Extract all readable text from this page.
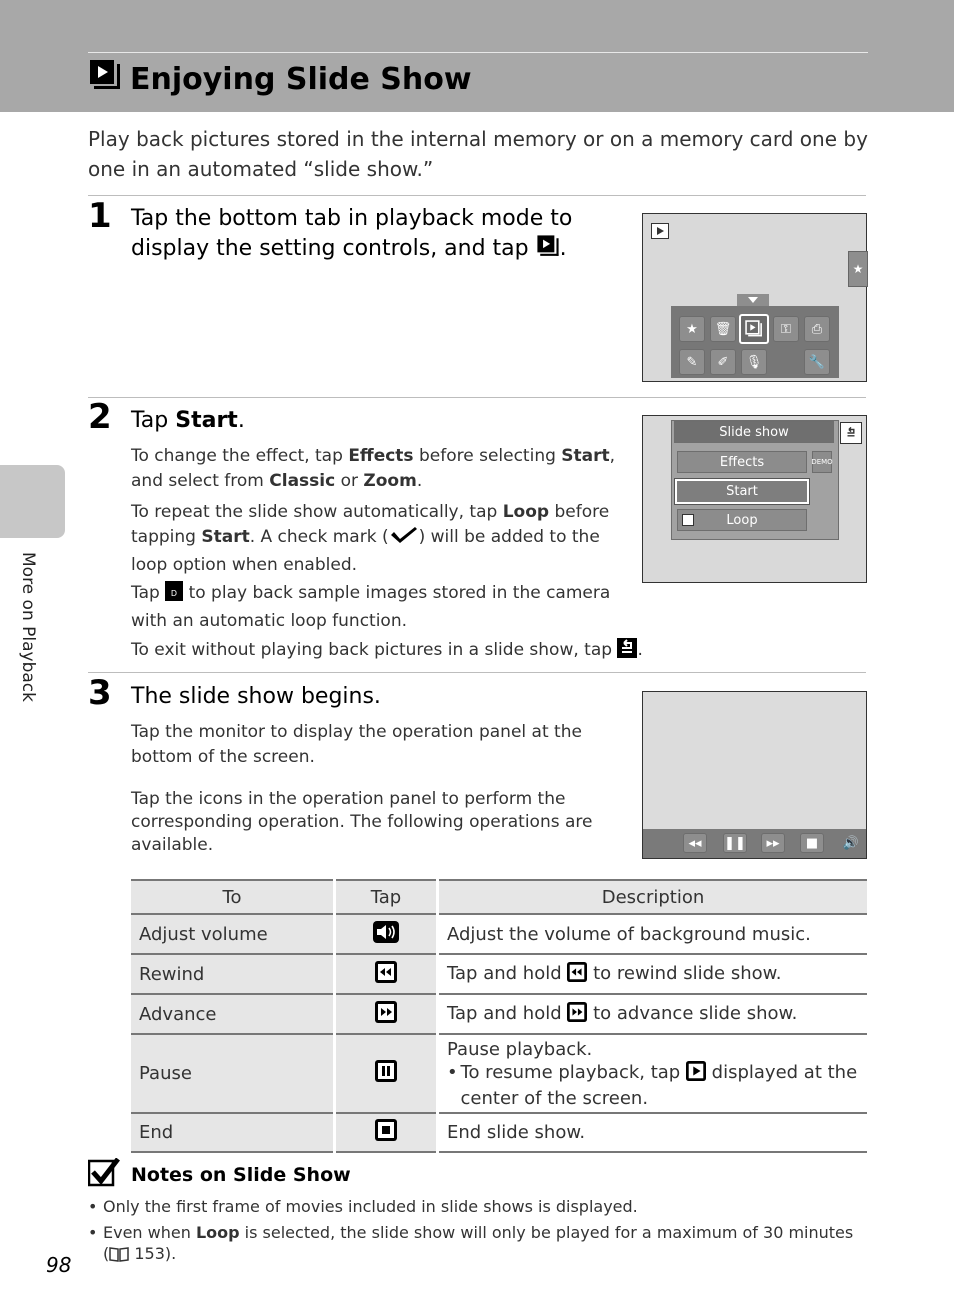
Enjoying Slide Show
Play back pictures stored in the internal memory or on a memory card one by one in an automated “slide show.”
1 Tap the bottom tab in playback mode to
display the setting controls, and tap .
★
★	🗑	⚿	⎙
✎	✐	🎙	🔧
2 Tap Start.
To change the effect, tap Effects before selecting Start,
and select from Classic or Zoom.
To repeat the slide show automatically, tap Loop before
tapping Start. A check mark ( ) will be added to the
loop option when enabled.
Tap D to play back sample images stored in the camera
with an automatic loop function.
To exit without playing back pictures in a slide show, tap .
Slide show
Effects	DEMO
Start
Loop
3 The slide show begins.
Tap the monitor to display the operation panel at the bottom of the screen.
Tap the icons in the operation panel to perform the corresponding operation. The following operations are available.	◂◂	❚❚	▸▸	■	🔊
To	Tap	Description
Adjust volume		Adjust the volume of background music.
Rewind		Tap and hold  to rewind slide show.
Advance		Tap and hold  to advance slide show.
Pause		Pause playback.
• To resume playback, tap  displayed at the center of the screen.

End		End slide show.
Notes on Slide Show
• Only the first frame of movies included in slide shows is displayed.
• Even when Loop is selected, the slide show will only be played for a maximum of 30 minutes
( 153).
More on Playback
98
